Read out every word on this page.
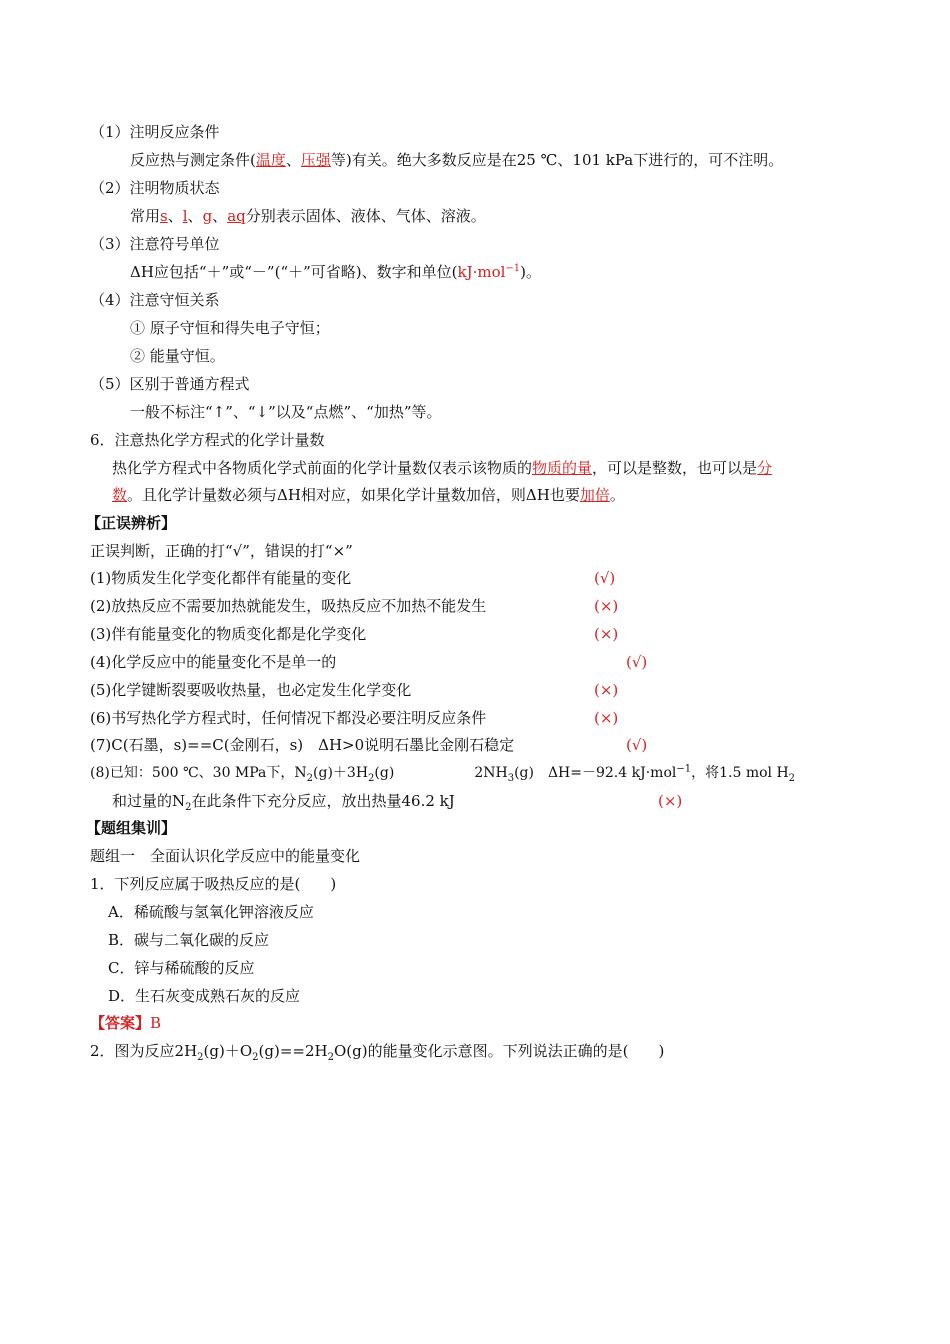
（1）注明反应条件
反应热与测定条件(温度、压强等)有关。绝大多数反应是在25 ℃、101 kPa下进行的，可不注明。
（2）注明物质状态
常用s、l、g、aq分别表示固体、液体、气体、溶液。
（3）注意符号单位
ΔH应包括“＋”或“－”(“＋”可省略)、数字和单位(kJ·mol$^{-1}$)。
（4）注意守恒关系
① 原子守恒和得失电子守恒；
② 能量守恒。
（5）区别于普通方程式
一般不标注“↑”、“↓”以及“点燃”、“加热”等。
6．注意热化学方程式的化学计量数
热化学方程式中各物质化学式前面的化学计量数仅表示该物质的物质的量，可以是整数，也可以是分
数。且化学计量数必须与ΔH相对应，如果化学计量数加倍，则ΔH也要加倍。
【正误辨析】
正误判断，正确的打“√”，错误的打“×”
(1)物质发生化学变化都伴有能量的变化	(√)
(2)放热反应不需要加热就能发生，吸热反应不加热不能发生	(×)
(3)伴有能量变化的物质变化都是化学变化	(×)
(4)化学反应中的能量变化不是单一的	(√)
(5)化学键断裂要吸收热量，也必定发生化学变化	(×)
(6)书写热化学方程式时，任何情况下都没必要注明反应条件	(×)
(7)C(石墨，s)==C(金刚石，s)　ΔH>0说明石墨比金刚石稳定	(√)
(8)已知：500 ℃、30 MPa下，$N_2(g)+3H_2(g)$	$2NH_3(g)$　ΔH=－92.4 kJ·mol$^{-1}$，将1.5 mol $H_2$
和过量的$N_2$在此条件下充分反应，放出热量46.2 kJ	(×)
【题组集训】
题组一　全面认识化学反应中的能量变化
1．下列反应属于吸热反应的是(　　)
A．稀硫酸与氢氧化钾溶液反应
B．碳与二氧化碳的反应
C．锌与稀硫酸的反应
D．生石灰变成熟石灰的反应
【答案】B
2．图为反应$2H_2(g)+O_2(g)==2H_2O(g)$的能量变化示意图。下列说法正确的是(　　)
